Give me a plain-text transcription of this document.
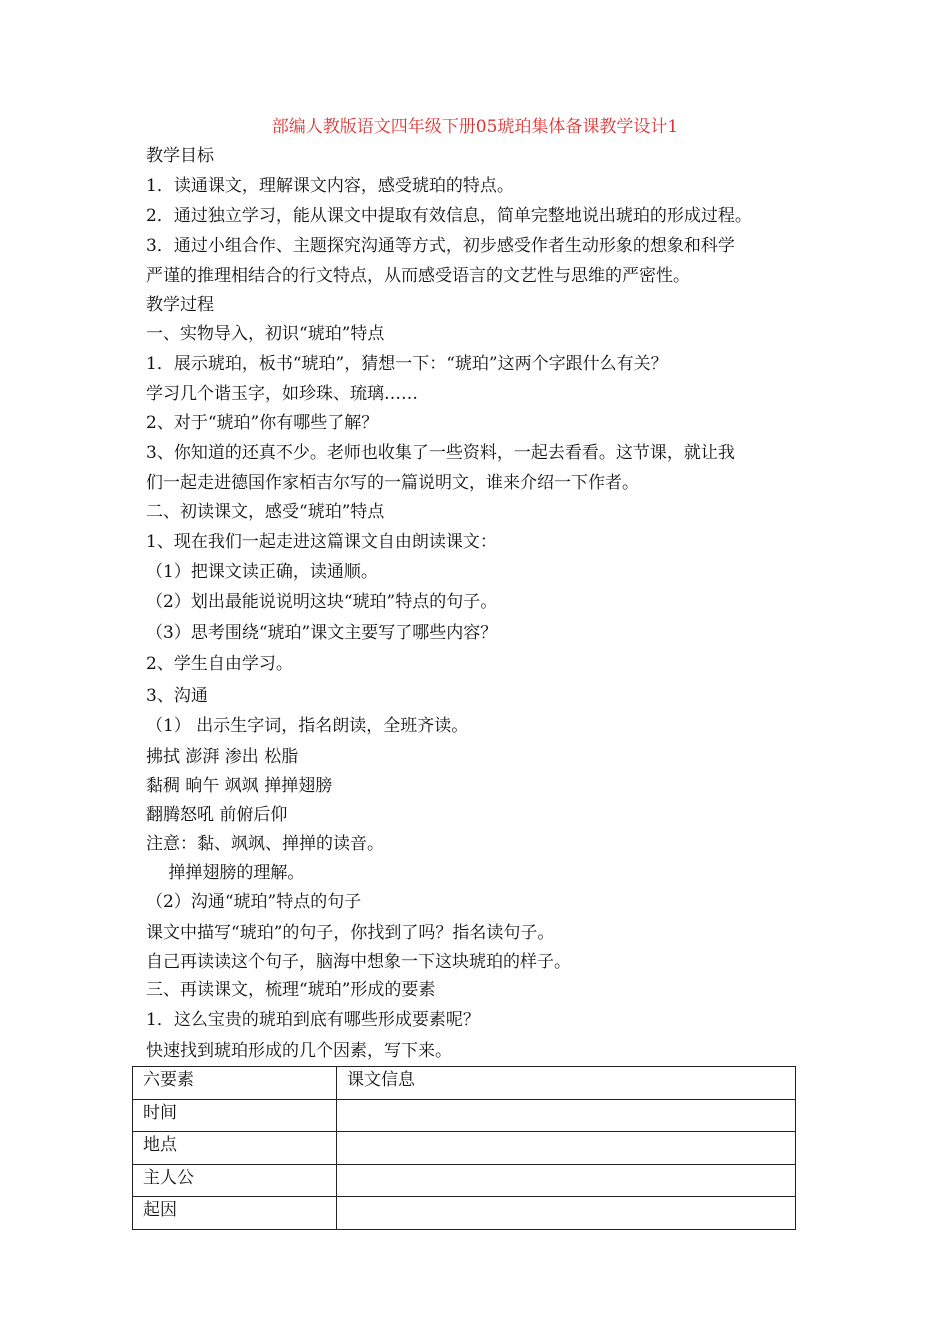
部编人教版语文四年级下册05琥珀集体备课教学设计1
教学目标
1．读通课文，理解课文内容，感受琥珀的特点。
2．通过独立学习，能从课文中提取有效信息，简单完整地说出琥珀的形成过程。
3．通过小组合作、主题探究沟通等方式，初步感受作者生动形象的想象和科学
严谨的推理相结合的行文特点，从而感受语言的文艺性与思维的严密性。
教学过程
一、实物导入，初识“琥珀”特点
1．展示琥珀，板书“琥珀”，猜想一下：“琥珀”这两个字跟什么有关？
学习几个谐玉字，如珍珠、琉璃……
2、对于“琥珀”你有哪些了解？
3、你知道的还真不少。老师也收集了一些资料，一起去看看。这节课，就让我
们一起走进德国作家栢吉尔写的一篇说明文，谁来介绍一下作者。
二、初读课文，感受“琥珀”特点
1、现在我们一起走进这篇课文自由朗读课文：
（1）把课文读正确，读通顺。
（2）划出最能说说明这块“琥珀”特点的句子。
（3）思考围绕“琥珀”课文主要写了哪些内容？
2、学生自由学习。
3、沟通
（1） 出示生字词，指名朗读，全班齐读。
拂拭 澎湃 渗出 松脂
黏稠 晌午 飒飒 掸掸翅膀
翻腾怒吼 前俯后仰
注意：黏、飒飒、掸掸的读音。
　 掸掸翅膀的理解。
（2）沟通“琥珀”特点的句子
课文中描写“琥珀”的句子，你找到了吗？指名读句子。
自己再读读这个句子，脑海中想象一下这块琥珀的样子。
三、再读课文，梳理“琥珀”形成的要素
1．这么宝贵的琥珀到底有哪些形成要素呢？
快速找到琥珀形成的几个因素，写下来。
六要素	课文信息
时间	
地点	
主人公	
起因	
